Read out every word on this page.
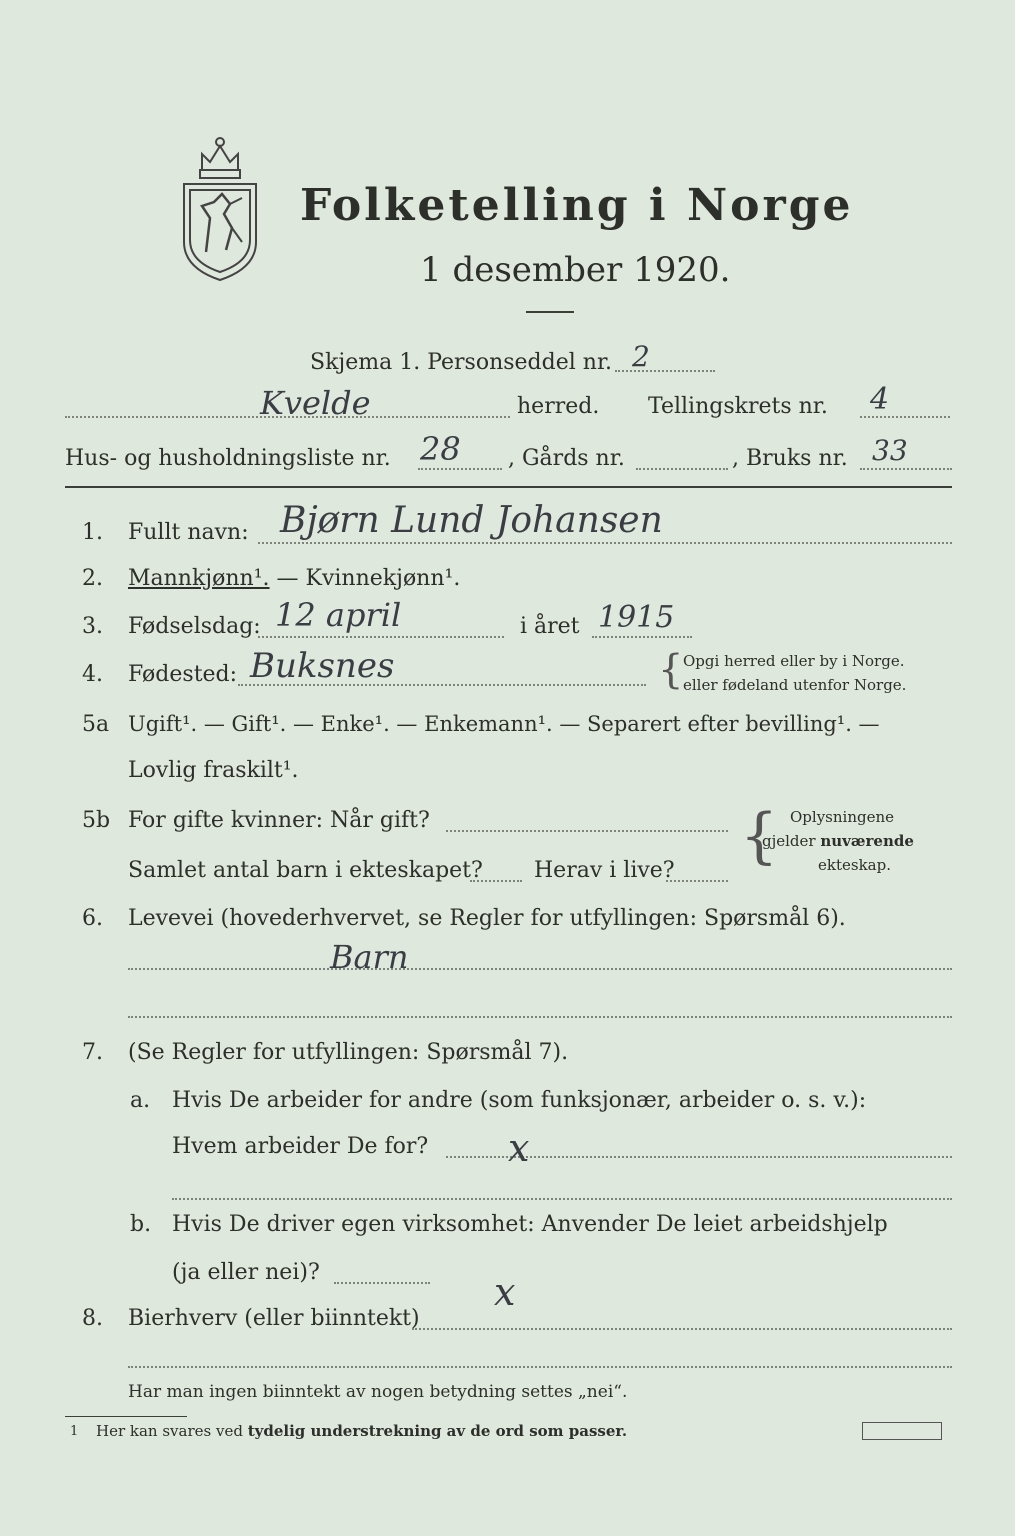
Folketelling i Norge
1 desember 1920.
Skjema 1. Personseddel nr. 2
Kvelde	herred. Tellingskrets nr. 4
Hus- og husholdningsliste nr. 28 , Gårds nr.	, Bruks nr. 33
1. Fullt navn: Bjørn Lund Johansen
2. Mannkjønn¹. — Kvinnekjønn¹.
3. Fødselsdag: 12 april	i året 1915
4. Fødested: Buksnes	{ Opgi herred eller by i Norge.
eller fødeland utenfor Norge.
5a Ugift¹. — Gift¹. — Enke¹. — Enkemann¹. — Separert efter bevilling¹. —
Lovlig fraskilt¹.
5b For gifte kvinner: Når gift?
Samlet antal barn i ekteskapet? Herav i live? { Oplysningene
gjelder nuværende
ekteskap.
6. Levevei (hovederhvervet, se Regler for utfyllingen: Spørsmål 6).
Barn
7. (Se Regler for utfyllingen: Spørsmål 7).
a. Hvis De arbeider for andre (som funksjonær, arbeider o. s. v.):
Hvem arbeider De for? x
b. Hvis De driver egen virksomhet: Anvender De leiet arbeidshjelp
(ja eller nei)?
8. Bierhverv (eller biinntekt)
x
Har man ingen biinntekt av nogen betydning settes „nei“.
1 Her kan svares ved tydelig understrekning av de ord som passer.
